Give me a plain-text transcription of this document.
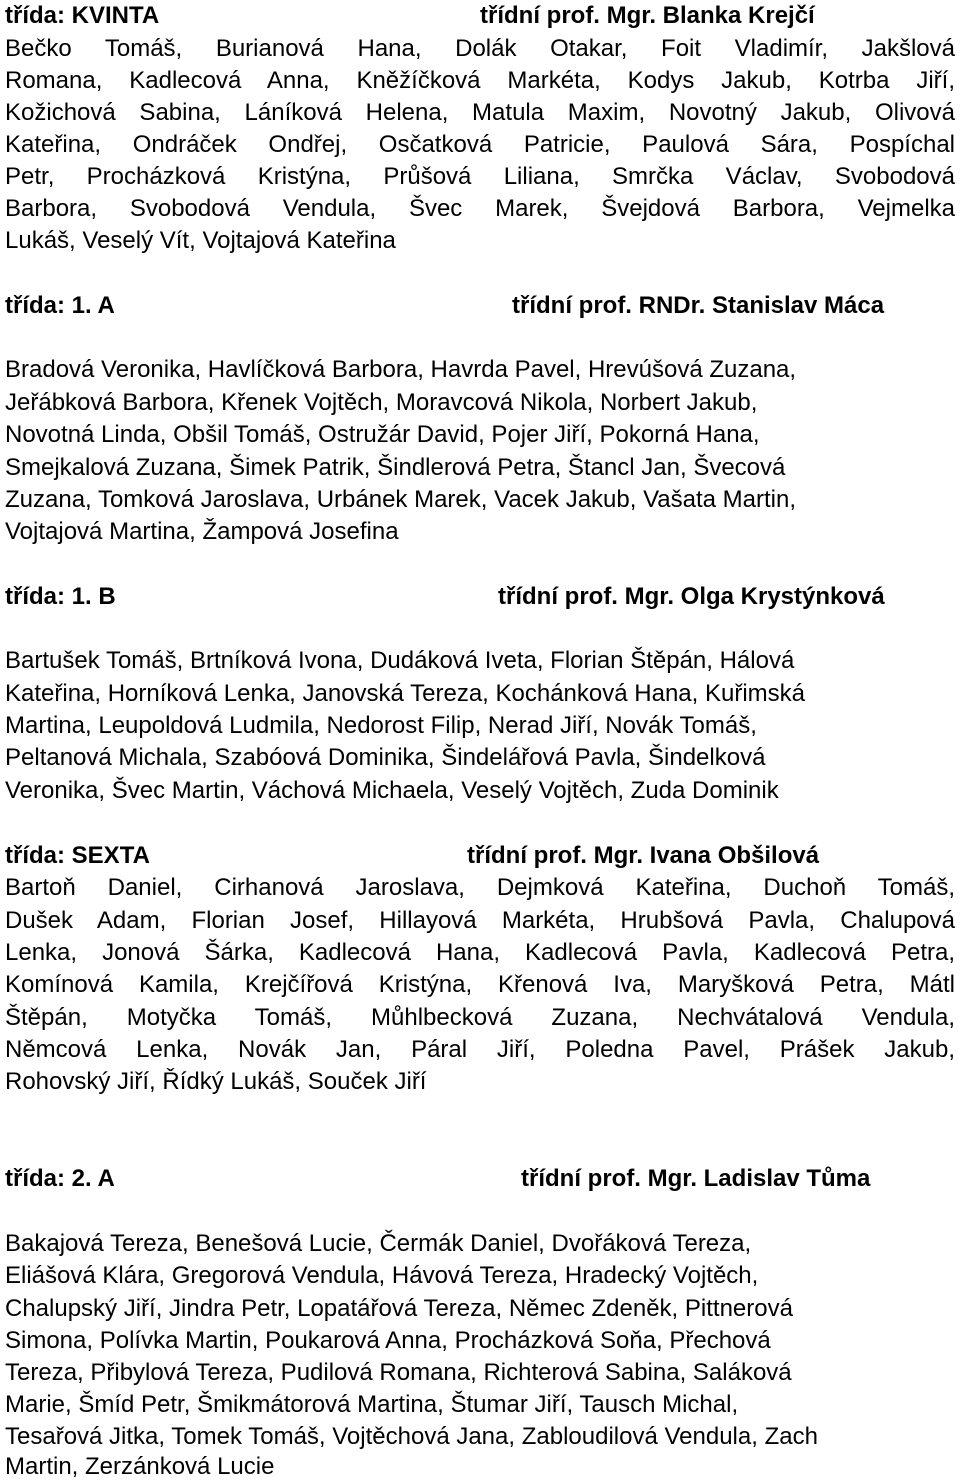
třída: KVINTA	třídní prof. Mgr. Blanka Krejčí

Bečko Tomáš, Burianová Hana, Dolák Otakar, Foit Vladimír, Jakšlová

Romana, Kadlecová Anna, Kněžíčková Markéta, Kodys Jakub, Kotrba Jiří,

Kožichová Sabina, Láníková Helena, Matula Maxim, Novotný Jakub, Olivová

Kateřina, Ondráček Ondřej, Osčatková Patricie, Paulová Sára, Pospíchal

Petr, Procházková Kristýna, Průšová Liliana, Smrčka Václav, Svobodová

Barbora, Svobodová Vendula, Švec Marek, Švejdová Barbora, Vejmelka

Lukáš, Veselý Vít, Vojtajová Kateřina

třída: 1. A	třídní prof. RNDr. Stanislav Máca

Bradová Veronika, Havlíčková Barbora, Havrda Pavel, Hrevúšová Zuzana,

Jeřábková Barbora, Křenek Vojtěch, Moravcová Nikola, Norbert Jakub,

Novotná Linda, Obšil Tomáš, Ostružár David, Pojer Jiří, Pokorná Hana,

Smejkalová Zuzana, Šimek Patrik, Šindlerová Petra, Štancl Jan, Švecová

Zuzana, Tomková Jaroslava, Urbánek Marek, Vacek Jakub, Vašata Martin,

Vojtajová Martina, Žampová Josefina

třída: 1. B	třídní prof. Mgr. Olga Krystýnková

Bartušek Tomáš, Brtníková Ivona, Dudáková Iveta, Florian Štěpán, Hálová

Kateřina, Horníková Lenka, Janovská Tereza, Kochánková Hana, Kuřimská

Martina, Leupoldová Ludmila, Nedorost Filip, Nerad Jiří, Novák Tomáš,

Peltanová Michala, Szabóová Dominika, Šindelářová Pavla, Šindelková

Veronika, Švec Martin, Váchová Michaela, Veselý Vojtěch, Zuda Dominik

třída: SEXTA	třídní prof. Mgr. Ivana Obšilová

Bartoň Daniel, Cirhanová Jaroslava, Dejmková Kateřina, Duchoň Tomáš,

Dušek Adam, Florian Josef, Hillayová Markéta, Hrubšová Pavla, Chalupová

Lenka, Jonová Šárka, Kadlecová Hana, Kadlecová Pavla, Kadlecová Petra,

Komínová Kamila, Krejčířová Kristýna, Křenová Iva, Maryšková Petra, Mátl

Štěpán, Motyčka Tomáš, Můhlbecková Zuzana, Nechvátalová Vendula,

Němcová Lenka, Novák Jan, Páral Jiří, Poledna Pavel, Prášek Jakub,

Rohovský Jiří, Řídký Lukáš, Souček Jiří

třída: 2. A	třídní prof. Mgr. Ladislav Tůma

Bakajová Tereza, Benešová Lucie, Čermák Daniel, Dvořáková Tereza,

Eliášová Klára, Gregorová Vendula, Hávová Tereza, Hradecký Vojtěch,

Chalupský Jiří, Jindra Petr, Lopatářová Tereza, Němec Zdeněk, Pittnerová

Simona, Polívka Martin, Poukarová Anna, Procházková Soňa, Přechová

Tereza, Přibylová Tereza, Pudilová Romana, Richterová Sabina, Saláková

Marie, Šmíd Petr, Šmikmátorová Martina, Štumar Jiří, Tausch Michal,

Tesařová Jitka, Tomek Tomáš, Vojtěchová Jana, Zabloudilová Vendula, Zach

Martin, Zerzánková Lucie
